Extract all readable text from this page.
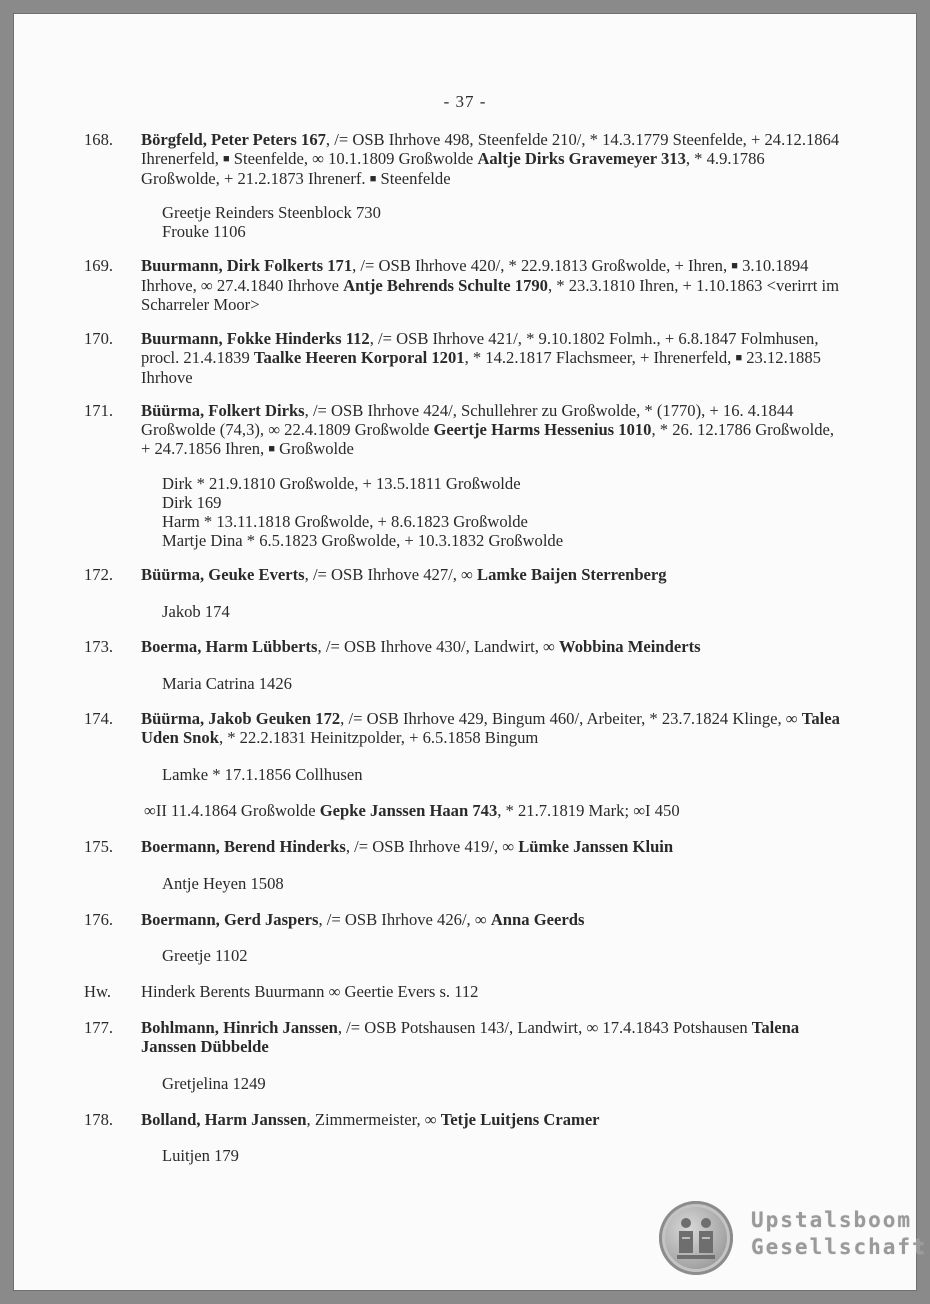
- 37 -
168.	Börgfeld, Peter Peters 167, /= OSB Ihrhove 498, Steenfelde 210/, * 14.3.1779 Steenfelde, + 24.12.1864 Ihrenerfeld, ■ Steenfelde, ∞ 10.1.1809 Großwolde Aaltje Dirks Gravemeyer 313, * 4.9.1786 Großwolde, + 21.2.1873 Ihrenerf. ■ Steenfelde
Greetje Reinders Steenblock 730
Frouke 1106
169.	Buurmann, Dirk Folkerts 171, /= OSB Ihrhove 420/, * 22.9.1813 Großwolde, + Ihren, ■ 3.10.1894 Ihrhove, ∞ 27.4.1840 Ihrhove Antje Behrends Schulte 1790, * 23.3.1810 Ihren, + 1.10.1863 <verirrt im Scharreler Moor>
170.	Buurmann, Fokke Hinderks 112, /= OSB Ihrhove 421/, * 9.10.1802 Folmh., + 6.8.1847 Folmhusen, procl. 21.4.1839 Taalke Heeren Korporal 1201, * 14.2.1817 Flachsmeer, + Ihrenerfeld, ■ 23.12.1885 Ihrhove
171.	Büürma, Folkert Dirks, /= OSB Ihrhove 424/, Schullehrer zu Großwolde, * (1770), + 16. 4.1844 Großwolde (74,3), ∞ 22.4.1809 Großwolde Geertje Harms Hessenius 1010, * 26. 12.1786 Großwolde, + 24.7.1856 Ihren, ■ Großwolde
Dirk * 21.9.1810 Großwolde, + 13.5.1811 Großwolde
Dirk 169
Harm * 13.11.1818 Großwolde, + 8.6.1823 Großwolde
Martje Dina * 6.5.1823 Großwolde, + 10.3.1832 Großwolde
172.	Büürma, Geuke Everts, /= OSB Ihrhove 427/, ∞ Lamke Baijen Sterrenberg
Jakob 174
173.	Boerma, Harm Lübberts, /= OSB Ihrhove 430/, Landwirt, ∞ Wobbina Meinderts
Maria Catrina 1426
174.	Büürma, Jakob Geuken 172, /= OSB Ihrhove 429, Bingum 460/, Arbeiter, * 23.7.1824 Klinge, ∞ Talea Uden Snok, * 22.2.1831 Heinitzpolder, + 6.5.1858 Bingum
Lamke * 17.1.1856 Collhusen
∞II 11.4.1864 Großwolde Gepke Janssen Haan 743, * 21.7.1819 Mark; ∞I 450
175.	Boermann, Berend Hinderks, /= OSB Ihrhove 419/, ∞ Lümke Janssen Kluin
Antje Heyen 1508
176.	Boermann, Gerd Jaspers, /= OSB Ihrhove 426/, ∞ Anna Geerds
Greetje 1102
Hw.	Hinderk Berents Buurmann ∞ Geertie Evers s. 112
177.	Bohlmann, Hinrich Janssen, /= OSB Potshausen 143/, Landwirt, ∞ 17.4.1843 Potshausen Talena Janssen Dübbelde
Gretjelina 1249
178.	Bolland, Harm Janssen, Zimmermeister, ∞ Tetje Luitjens Cramer
Luitjen 179
Upstalsboom
Gesellschaft
